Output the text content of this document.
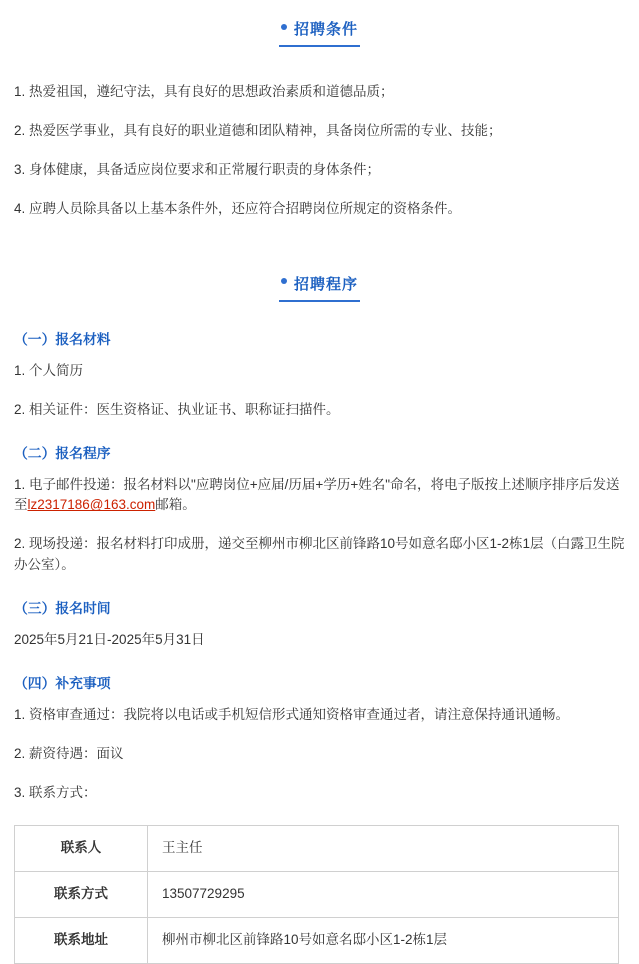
招聘条件

1. 热爱祖国，遵纪守法，具有良好的思想政治素质和道德品质；

2. 热爱医学事业，具有良好的职业道德和团队精神，具备岗位所需的专业、技能；

3. 身体健康，具备适应岗位要求和正常履行职责的身体条件；

4. 应聘人员除具备以上基本条件外，还应符合招聘岗位所规定的资格条件。

招聘程序
（一）报名材料

1. 个人简历

2. 相关证件：医生资格证、执业证书、职称证扫描件。

（二）报名程序

1. 电子邮件投递：报名材料以"应聘岗位+应届/历届+学历+姓名"命名，将电子版按上述顺序排序后发送至lz2317186@163.com邮箱。

2. 现场投递：报名材料打印成册，递交至柳州市柳北区前锋路10号如意名邸小区1-2栋1层（白露卫生院办公室）。

（三）报名时间

2025年5月21日-2025年5月31日

（四）补充事项

1. 资格审查通过：我院将以电话或手机短信形式通知资格审查通过者，请注意保持通讯通畅。

2. 薪资待遇：面议

3. 联系方式：

联系人	王主任
联系方式	13507729295
联系地址	柳州市柳北区前锋路10号如意名邸小区1-2栋1层
